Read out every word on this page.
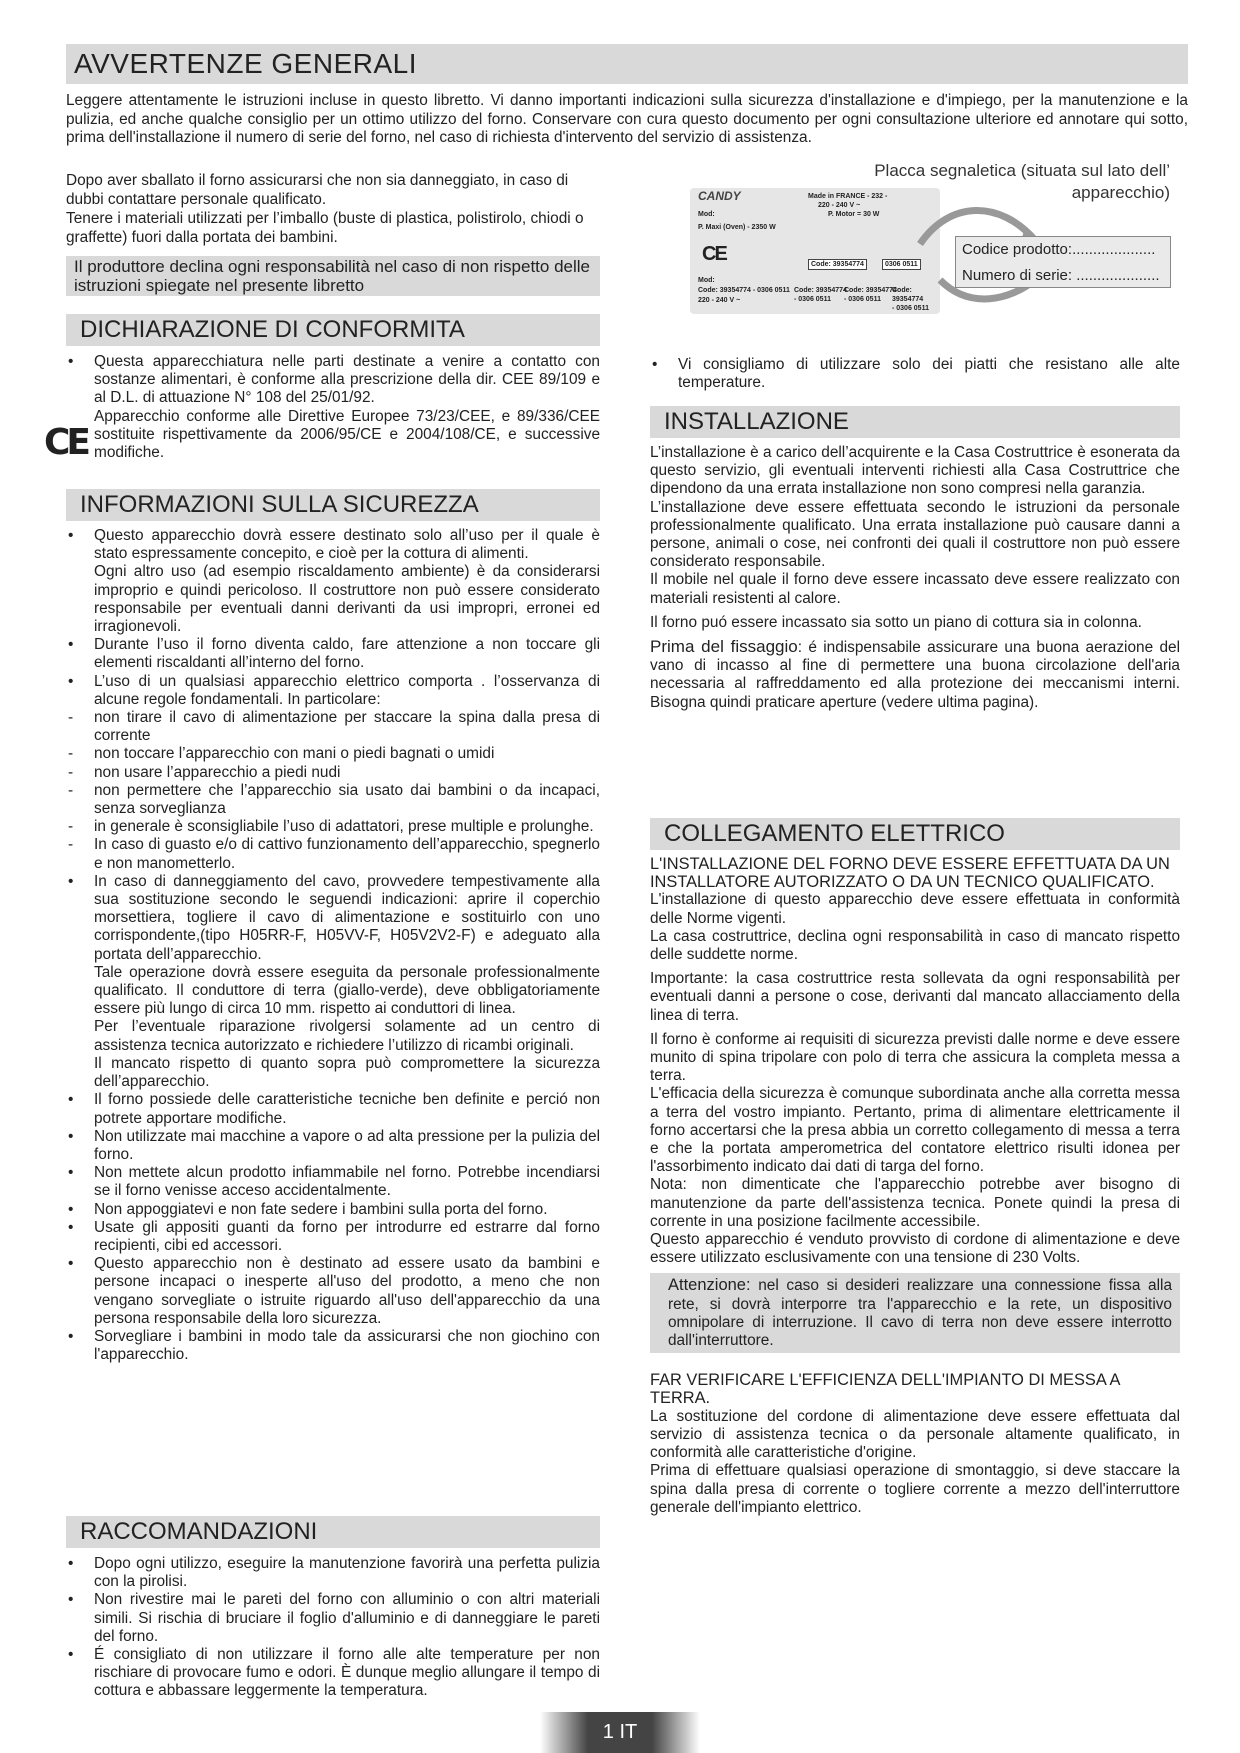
AVVERTENZE GENERALI

Leggere attentamente le istruzioni incluse in questo libretto. Vi danno importanti indicazioni sulla sicurezza d'installazione e d'impiego, per la manutenzione e la pulizia, ed anche qualche consiglio per un ottimo utilizzo del forno. Conservare con cura questo documento per ogni consultazione ulteriore ed annotare qui sotto, prima dell'installazione il numero di serie del forno, nel caso di richiesta d'intervento del servizio di assistenza.

Dopo aver sballato il forno assicurarsi che non sia danneggiato, in caso di dubbi contattare personale qualificato.

Tenere i materiali utilizzati per l’imballo (buste di plastica, polistirolo, chiodi o graffette) fuori dalla portata dei bambini.

Il produttore declina ogni responsabilità nel caso di non rispetto delle istruzioni spiegate nel presente libretto
Placca segnaletica (situata sul lato dell’ apparecchio)
CANDY	Made in FRANCE - 232 -
220 - 240 V ~
Mod:	P. Motor = 30 W
P. Maxi (Oven) - 2350 W
CE	Code: 39354774	0306 0511
Mod:
Code: 39354774 - 0306 0511
220 - 240 V ~
Code: 39354774
- 0306 0511
Code: 39354774
- 0306 0511
Code: 39354774
- 0306 0511
Codice prodotto:....................
Numero di serie: ....................
DICHIARAZIONE DI CONFORMITA
• Questa apparecchiatura nelle parti destinate a venire a contatto con sostanze alimentari, è conforme alla prescrizione della dir. CEE 89/109 e al D.L. di attuazione N° 108 del 25/01/92.
Apparecchio conforme alle Direttive Europee 73/23/CEE, e 89/336/CEE sostituite rispettivamente da 2006/95/CE e 2004/108/CE, e successive modifiche.
CE
INFORMAZIONI SULLA SICUREZZA
• Questo apparecchio dovrà essere destinato solo all’uso per il quale è stato espressamente concepito, e cioè per la cottura di alimenti.
Ogni altro uso (ad esempio riscaldamento ambiente) è da considerarsi improprio e quindi pericoloso. Il costruttore non può essere considerato responsabile per eventuali danni derivanti da usi impropri, erronei ed irragionevoli.
• Durante l’uso il forno diventa caldo, fare attenzione a non toccare gli elementi riscaldanti all’interno del forno.
• L’uso di un qualsiasi apparecchio elettrico comporta . l’osservanza di alcune regole fondamentali. In particolare:
- non tirare il cavo di alimentazione per staccare la spina dalla presa di corrente
- non toccare l’apparecchio con mani o piedi bagnati o umidi
- non usare l’apparecchio a piedi nudi
- non permettere che l’apparecchio sia usato dai bambini o da incapaci, senza sorveglianza
- in generale è sconsigliabile l’uso di adattatori, prese multiple e prolunghe.
- In caso di guasto e/o di cattivo funzionamento dell’apparecchio, spegnerlo e non manometterlo.
• In caso di danneggiamento del cavo, provvedere tempestivamente alla sua sostituzione secondo le seguendi indicazioni: aprire il coperchio morsettiera, togliere il cavo di alimentazione e sostituirlo con uno corrispondente,(tipo H05RR-F, H05VV-F, H05V2V2-F) e adeguato alla portata dell’apparecchio.
Tale operazione dovrà essere eseguita da personale professionalmente qualificato. Il conduttore di terra (giallo-verde), deve obbligatoriamente essere più lungo di circa 10 mm. rispetto ai conduttori di linea.
Per l’eventuale riparazione rivolgersi solamente ad un centro di assistenza tecnica autorizzato e richiedere l’utilizzo di ricambi originali.
Il mancato rispetto di quanto sopra può compromettere la sicurezza dell’apparecchio.
• Il forno possiede delle caratteristiche tecniche ben definite e perció non potrete apportare modifiche.
• Non utilizzate mai macchine a vapore o ad alta pressione per la pulizia del forno.
• Non mettete alcun prodotto infiammabile nel forno. Potrebbe incendiarsi se il forno venisse acceso accidentalmente.
• Non appoggiatevi e non fate sedere i bambini sulla porta del forno.
• Usate gli appositi guanti da forno per introdurre ed estrarre dal forno recipienti, cibi ed accessori.
• Questo apparecchio non è destinato ad essere usato da bambini e persone incapaci o inesperte all'uso del prodotto, a meno che non vengano sorvegliate o istruite riguardo all'uso dell'apparecchio da una persona responsabile della loro sicurezza.
• Sorvegliare i bambini in modo tale da assicurarsi che non giochino con l'apparecchio.
RACCOMANDAZIONI
• Dopo ogni utilizzo, eseguire la manutenzione favorirà una perfetta pulizia con la pirolisi.
• Non rivestire mai le pareti del forno con alluminio o con altri materiali simili. Si rischia di bruciare il foglio d'alluminio e di danneggiare le pareti del forno.
• É consigliato di non utilizzare il forno alle alte temperature per non rischiare di provocare fumo e odori. È dunque meglio allungare il tempo di cottura e abbassare leggermente la temperatura.
• Vi consigliamo di utilizzare solo dei piatti che resistano alle alte temperature.
INSTALLAZIONE

L’installazione è a carico dell’acquirente e la Casa Costruttrice è esonerata da questo servizio, gli eventuali interventi richiesti alla Casa Costruttrice che dipendono da una errata installazione non sono compresi nella garanzia.

L’installazione deve essere effettuata secondo le istruzioni da personale professionalmente qualificato. Una errata installazione può causare danni a persone, animali o cose, nei confronti dei quali il costruttore non può essere considerato responsabile.

Il mobile nel quale il forno deve essere incassato deve essere realizzato con materiali resistenti al calore.

Il forno puó essere incassato sia sotto un piano di cottura sia in colonna.

Prima del fissaggio: é indispensabile assicurare una buona aerazione del vano di incasso al fine di permettere una buona circolazione dell'aria necessaria al raffreddamento ed alla protezione dei meccanismi interni. Bisogna quindi praticare aperture (vedere ultima pagina).

COLLEGAMENTO ELETTRICO

L'INSTALLAZIONE DEL FORNO DEVE ESSERE EFFETTUATA DA UN INSTALLATORE AUTORIZZATO O DA UN TECNICO QUALIFICATO.

L'installazione di questo apparecchio deve essere effettuata in conformità delle Norme vigenti.

La casa costruttrice, declina ogni responsabilità in caso di mancato rispetto delle suddette norme.

Importante: la casa costruttrice resta sollevata da ogni responsabilità per eventuali danni a persone o cose, derivanti dal mancato allacciamento della linea di terra.

Il forno è conforme ai requisiti di sicurezza previsti dalle norme e deve essere munito di spina tripolare con polo di terra che assicura la completa messa a terra.

L'efficacia della sicurezza è comunque subordinata anche alla corretta messa a terra del vostro impianto. Pertanto, prima di alimentare elettricamente il forno accertarsi che la presa abbia un corretto collegamento di messa a terra e che la portata amperometrica del contatore elettrico risulti idonea per l'assorbimento indicato dai dati di targa del forno.

Nota: non dimenticate che l'apparecchio potrebbe aver bisogno di manutenzione da parte dell'assistenza tecnica. Ponete quindi la presa di corrente in una posizione facilmente accessibile.

Questo apparecchio é venduto provvisto di cordone di alimentazione e deve essere utilizzato esclusivamente con una tensione di 230 Volts.

Attenzione: nel caso si desideri realizzare una connessione fissa alla rete, si dovrà interporre tra l'apparecchio e la rete, un dispositivo omnipolare di interruzione. Il cavo di terra non deve essere interrotto dall'interruttore.

FAR VERIFICARE L'EFFICIENZA DELL'IMPIANTO DI MESSA A TERRA.

La sostituzione del cordone di alimentazione deve essere effettuata dal servizio di assistenza tecnica o da personale altamente qualificato, in conformità alle caratteristiche d'origine.

Prima di effettuare qualsiasi operazione di smontaggio, si deve staccare la spina dalla presa di corrente o togliere corrente a mezzo dell'interruttore generale dell'impianto elettrico.

1 IT
